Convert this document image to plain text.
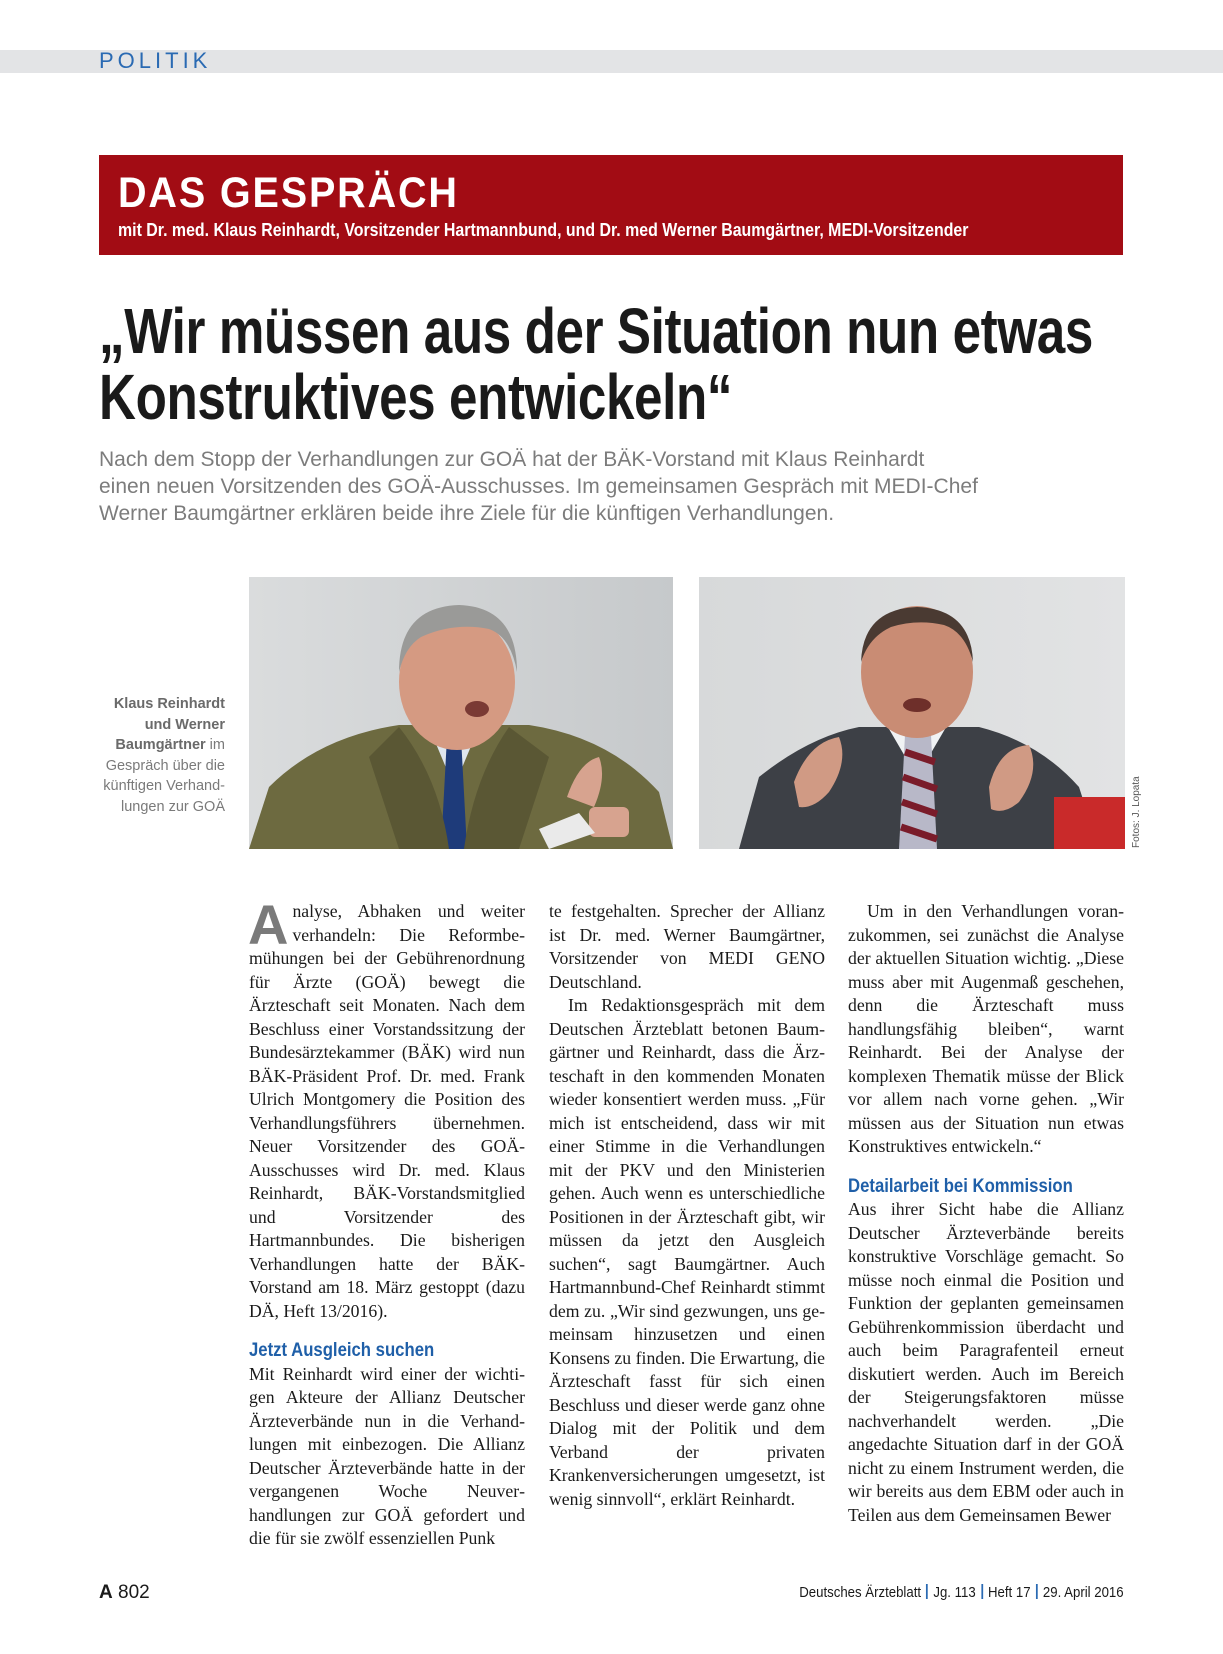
POLITIK
DAS GESPRÄCH
mit Dr. med. Klaus Reinhardt, Vorsitzender Hartmannbund, und Dr. med Werner Baumgärtner, MEDI-Vorsitzender
„Wir müssen aus der Situation nun etwas
Konstruktives entwickeln“
Nach dem Stopp der Verhandlungen zur GOÄ hat der BÄK-Vorstand mit Klaus Reinhardt
einen neuen Vorsitzenden des GOÄ-Ausschusses. Im gemeinsamen Gespräch mit MEDI-Chef
Werner Baumgärtner erklären beide ihre Ziele für die künftigen Verhandlungen.
Fotos: J. Lopata
Klaus Reinhardt und Werner Baumgärtner im Gespräch über die künftigen Verhandlungen zur GOÄ

Analyse, Abhaken und weiter verhandeln: Die Reformbemühungen bei der Gebührenordnung für Ärzte (GOÄ) bewegt die Ärzteschaft seit Monaten. Nach dem Beschluss einer Vorstandssitzung der Bundesärztekammer (BÄK) wird nun BÄK-Präsident Prof. Dr. med. Frank Ulrich Montgomery die Position des Verhandlungsführers übernehmen. Neuer Vorsitzender des GOÄ-Ausschusses wird Dr. med. Klaus Reinhardt, BÄK-Vorstandsmitglied und Vorsitzender des Hartmannbundes. Die bisherigen Verhandlungen hatte der BÄK-Vorstand am 18. März gestoppt (dazu DÄ, Heft 13/2016).

Jetzt Ausgleich suchen

Mit Reinhardt wird einer der wichtigen Akteure der Allianz Deutscher Ärzteverbände nun in die Verhandlungen mit einbezogen. Die Allianz Deutscher Ärzteverbände hatte in der vergangenen Woche Neuverhandlungen zur GOÄ gefordert und die für sie zwölf essenziellen Punk

te festgehalten. Sprecher der Allianz ist Dr. med. Werner Baumgärtner, Vorsitzender von MEDI GENO Deutschland.

Im Redaktionsgespräch mit dem Deutschen Ärzteblatt betonen Baumgärtner und Reinhardt, dass die Ärzteschaft in den kommenden Monaten wieder konsentiert werden muss. „Für mich ist entscheidend, dass wir mit einer Stimme in die Verhandlungen mit der PKV und den Ministerien gehen. Auch wenn es unterschiedliche Positionen in der Ärzteschaft gibt, wir müssen da jetzt den Ausgleich suchen“, sagt Baumgärtner. Auch Hartmannbund-Chef Reinhardt stimmt dem zu. „Wir sind gezwungen, uns gemeinsam hinzusetzen und einen Konsens zu finden. Die Erwartung, die Ärzteschaft fasst für sich einen Beschluss und dieser werde ganz ohne Dialog mit der Politik und dem Verband der privaten Krankenversicherungen umgesetzt, ist wenig sinnvoll“, erklärt Reinhardt.

Um in den Verhandlungen voranzukommen, sei zunächst die Analyse der aktuellen Situation wichtig. „Diese muss aber mit Augenmaß geschehen, denn die Ärzteschaft muss handlungsfähig bleiben“, warnt Reinhardt. Bei der Analyse der komplexen Thematik müsse der Blick vor allem nach vorne gehen. „Wir müssen aus der Situation nun etwas Konstruktives entwickeln.“

Detailarbeit bei Kommission

Aus ihrer Sicht habe die Allianz Deutscher Ärzteverbände bereits konstruktive Vorschläge gemacht. So müsse noch einmal die Position und Funktion der geplanten gemeinsamen Gebührenkommission überdacht und auch beim Paragrafenteil erneut diskutiert werden. Auch im Bereich der Steigerungsfaktoren müsse nachverhandelt werden. „Die angedachte Situation darf in der GOÄ nicht zu einem Instrument werden, die wir bereits aus dem EBM oder auch in Teilen aus dem Gemeinsamen Bewer

A 802	Deutsches Ärzteblatt Jg. 113 Heft 17 29. April 2016
